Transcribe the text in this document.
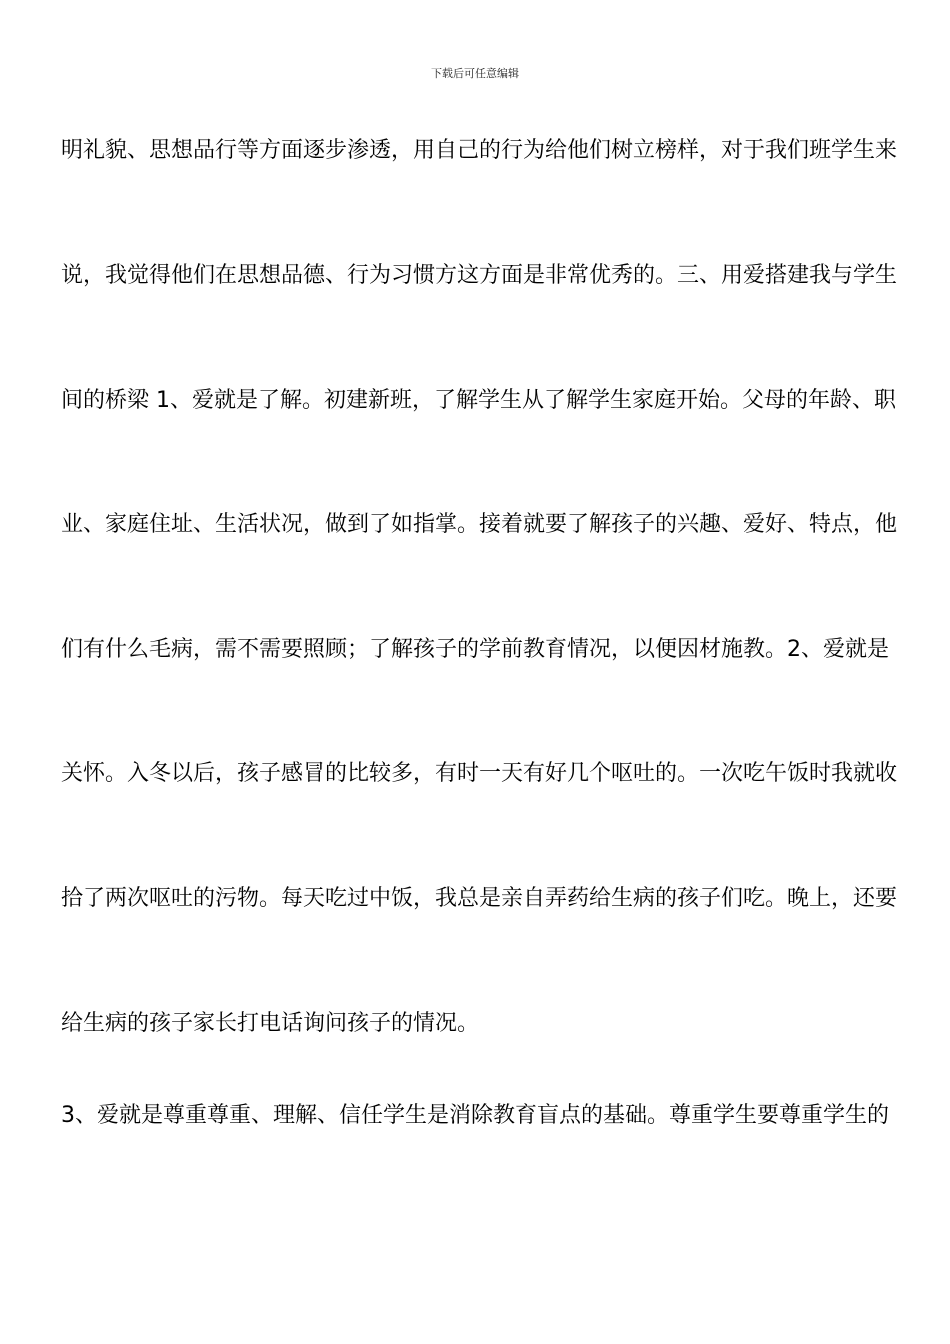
下载后可任意编辑
明礼貌、思想品行等方面逐步渗透，用自己的行为给他们树立榜样，对于我们班学生来
说，我觉得他们在思想品德、行为习惯方这方面是非常优秀的。三、用爱搭建我与学生
间的桥梁 1、爱就是了解。初建新班，了解学生从了解学生家庭开始。父母的年龄、职
业、家庭住址、生活状况，做到了如指掌。接着就要了解孩子的兴趣、爱好、特点，他
们有什么毛病，需不需要照顾；了解孩子的学前教育情况，以便因材施教。2、爱就是
关怀。入冬以后，孩子感冒的比较多，有时一天有好几个呕吐的。一次吃午饭时我就收
拾了两次呕吐的污物。每天吃过中饭，我总是亲自弄药给生病的孩子们吃。晚上，还要
给生病的孩子家长打电话询问孩子的情况。
3、爱就是尊重尊重、理解、信任学生是消除教育盲点的基础。尊重学生要尊重学生的
